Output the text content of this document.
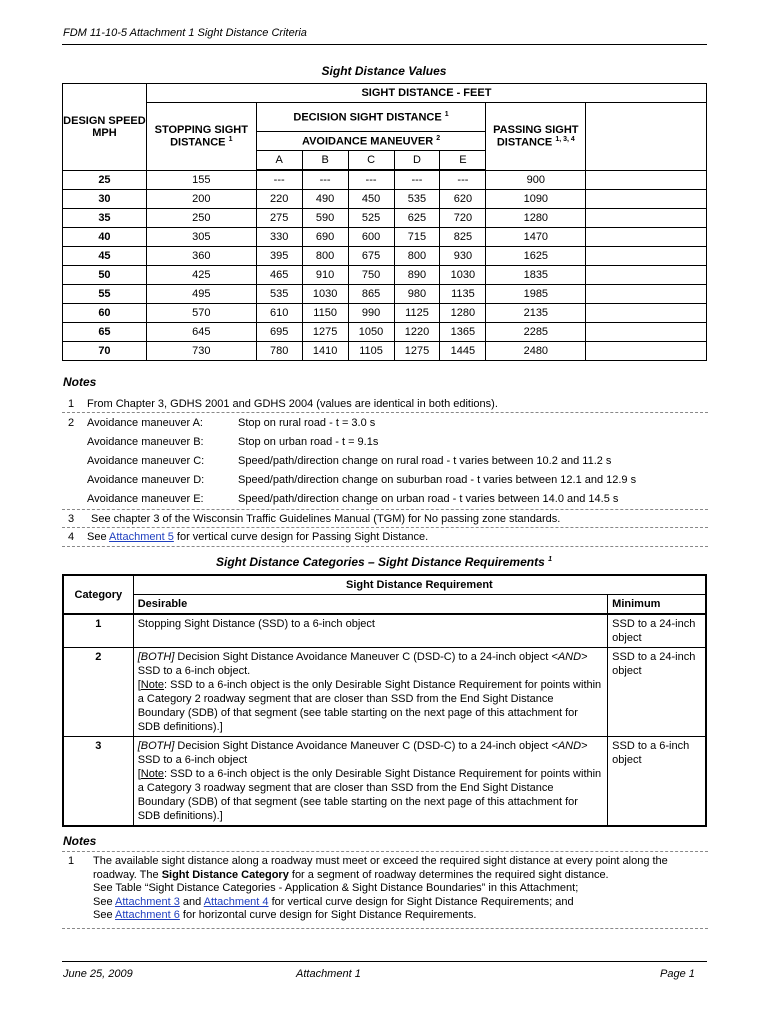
FDM 11-10-5 Attachment 1 Sight Distance Criteria
Sight Distance Values
DESIGN SPEED MPH	SIGHT DISTANCE - FEET							
	STOPPING SIGHT DISTANCE $^1$	DECISION SIGHT DISTANCE $^1$					PASSING SIGHT DISTANCE $^{1, 3, 4}$	
		AVOIDANCE MANEUVER $^2$
		A	B	C	D	E		
25	155	---	---	---	---	---	900	
30	200	220	490	450	535	620	1090	
35	250	275	590	525	625	720	1280	
40	305	330	690	600	715	825	1470	
45	360	395	800	675	800	930	1625	
50	425	465	910	750	890	1030	1835	
55	495	535	1030	865	980	1135	1985	
60	570	610	1150	990	1125	1280	2135	
65	645	695	1275	1050	1220	1365	2285	
70	730	780	1410	1105	1275	1445	2480	
Notes
1 From Chapter 3, GDHS 2001 and GDHS 2004 (values are identical in both editions).
2 Avoidance maneuver A:	Stop on rural road - t = 3.0 s
Avoidance maneuver B:	Stop on urban road - t = 9.1s
Avoidance maneuver C:	Speed/path/direction change on rural road - t varies between 10.2 and 11.2 s
Avoidance maneuver D:	Speed/path/direction change on suburban road - t varies between 12.1 and 12.9 s
Avoidance maneuver E:	Speed/path/direction change on urban road - t varies between 14.0 and 14.5 s
3 See chapter 3 of the Wisconsin Traffic Guidelines Manual (TGM) for No passing zone standards.
4 See Attachment 5 for vertical curve design for Passing Sight Distance.
Sight Distance Categories – Sight Distance Requirements $^1$
Category	Sight Distance Requirement	
	Desirable	Minimum
1	Stopping Sight Distance (SSD) to a 6-inch object	SSD to a 24-inch object
2	[BOTH] Decision Sight Distance Avoidance Maneuver C (DSD-C) to a 24-inch object <AND>
SSD to a 6-inch object.
[Note: SSD to a 6-inch object is the only Desirable Sight Distance Requirement for points within a Category 2 roadway segment that are closer than SSD from the End Sight Distance Boundary (SDB) of that segment (see table starting on the next page of this attachment for SDB definitions).]	SSD to a 24-inch object
3	[BOTH] Decision Sight Distance Avoidance Maneuver C (DSD-C) to a 24-inch object <AND>
SSD to a 6-inch object
[Note: SSD to a 6-inch object is the only Desirable Sight Distance Requirement for points within a Category 3 roadway segment that are closer than SSD from the End Sight Distance Boundary (SDB) of that segment (see table starting on the next page of this attachment for SDB definitions).]	SSD to a 6-inch object
Notes
1 The available sight distance along a roadway must meet or exceed the required sight distance at every point along the roadway. The Sight Distance Category for a segment of roadway determines the required sight distance.
See Table “Sight Distance Categories - Application & Sight Distance Boundaries” in this Attachment;
See Attachment 3 and Attachment 4 for vertical curve design for Sight Distance Requirements; and
See Attachment 6 for horizontal curve design for Sight Distance Requirements.
June 25, 2009	Attachment 1	Page 1
